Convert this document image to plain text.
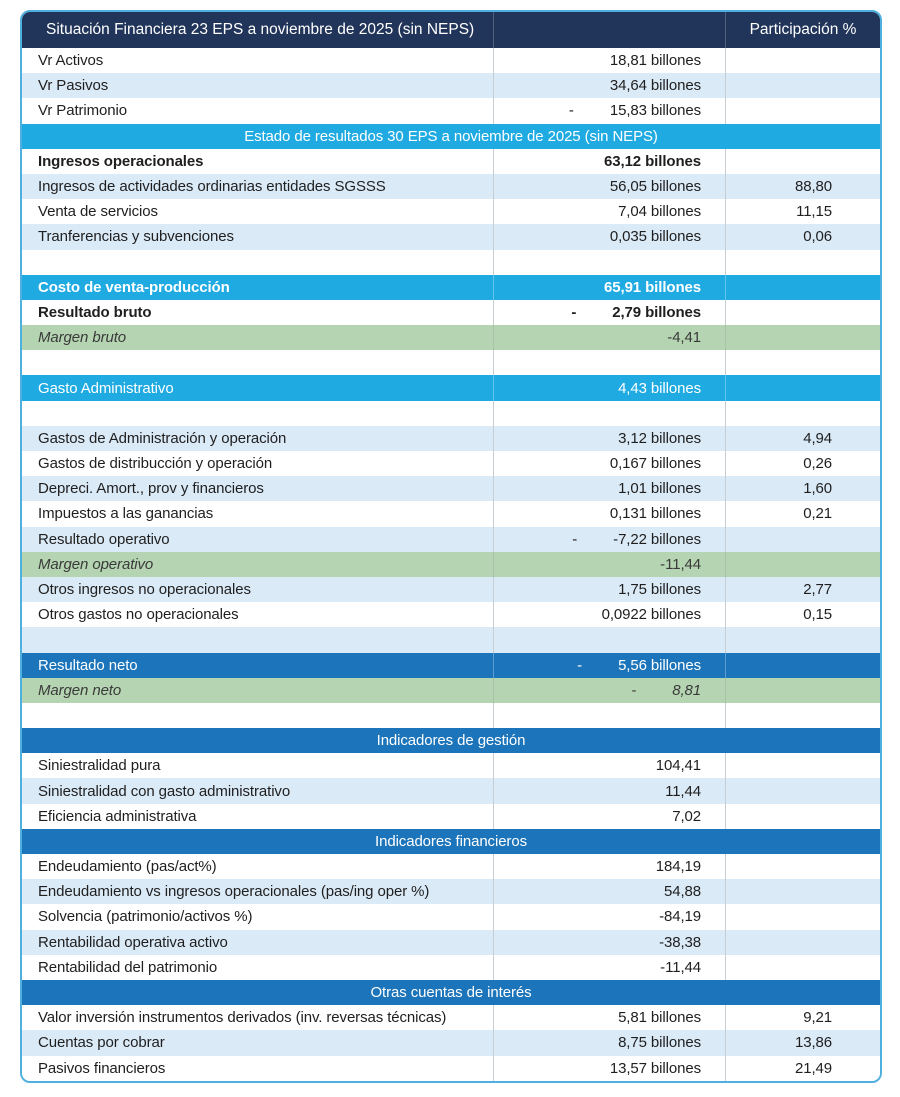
Situación Financiera 23 EPS a noviembre de 2025 (sin NEPS)	Participación %
Vr Activos	18,81 billones
Vr Pasivos	34,64 billones
Vr Patrimonio	- 15,83 billones
Estado de resultados 30 EPS a noviembre de 2025 (sin NEPS)
Ingresos operacionales	63,12 billones
Ingresos de actividades ordinarias entidades SGSSS	56,05 billones	88,80
Venta de servicios	7,04 billones	11,15
Tranferencias y subvenciones	0,035 billones	0,06
Costo de venta-producción	65,91 billones
Resultado bruto	- 2,79 billones
Margen bruto	-4,41
Gasto Administrativo	4,43 billones
Gastos de Administración y operación	3,12 billones	4,94
Gastos de distribucción y operación	0,167 billones	0,26
Depreci. Amort., prov y financieros	1,01 billones	1,60
Impuestos a las ganancias	0,131 billones	0,21
Resultado operativo	- -7,22 billones
Margen operativo	-11,44
Otros ingresos no operacionales	1,75 billones	2,77
Otros gastos no operacionales	0,0922 billones	0,15
Resultado neto	- 5,56 billones
Margen neto	- 8,81
Indicadores de gestión
Siniestralidad pura	104,41
Siniestralidad con gasto administrativo	11,44
Eficiencia administrativa	7,02
Indicadores financieros
Endeudamiento (pas/act%)	184,19
Endeudamiento vs ingresos operacionales (pas/ing oper %)	54,88
Solvencia (patrimonio/activos %)	-84,19
Rentabilidad operativa activo	-38,38
Rentabilidad del patrimonio	-11,44
Otras cuentas de interés
Valor inversión instrumentos derivados (inv. reversas técnicas)	5,81 billones	9,21
Cuentas por cobrar	8,75 billones	13,86
Pasivos financieros	13,57 billones	21,49
